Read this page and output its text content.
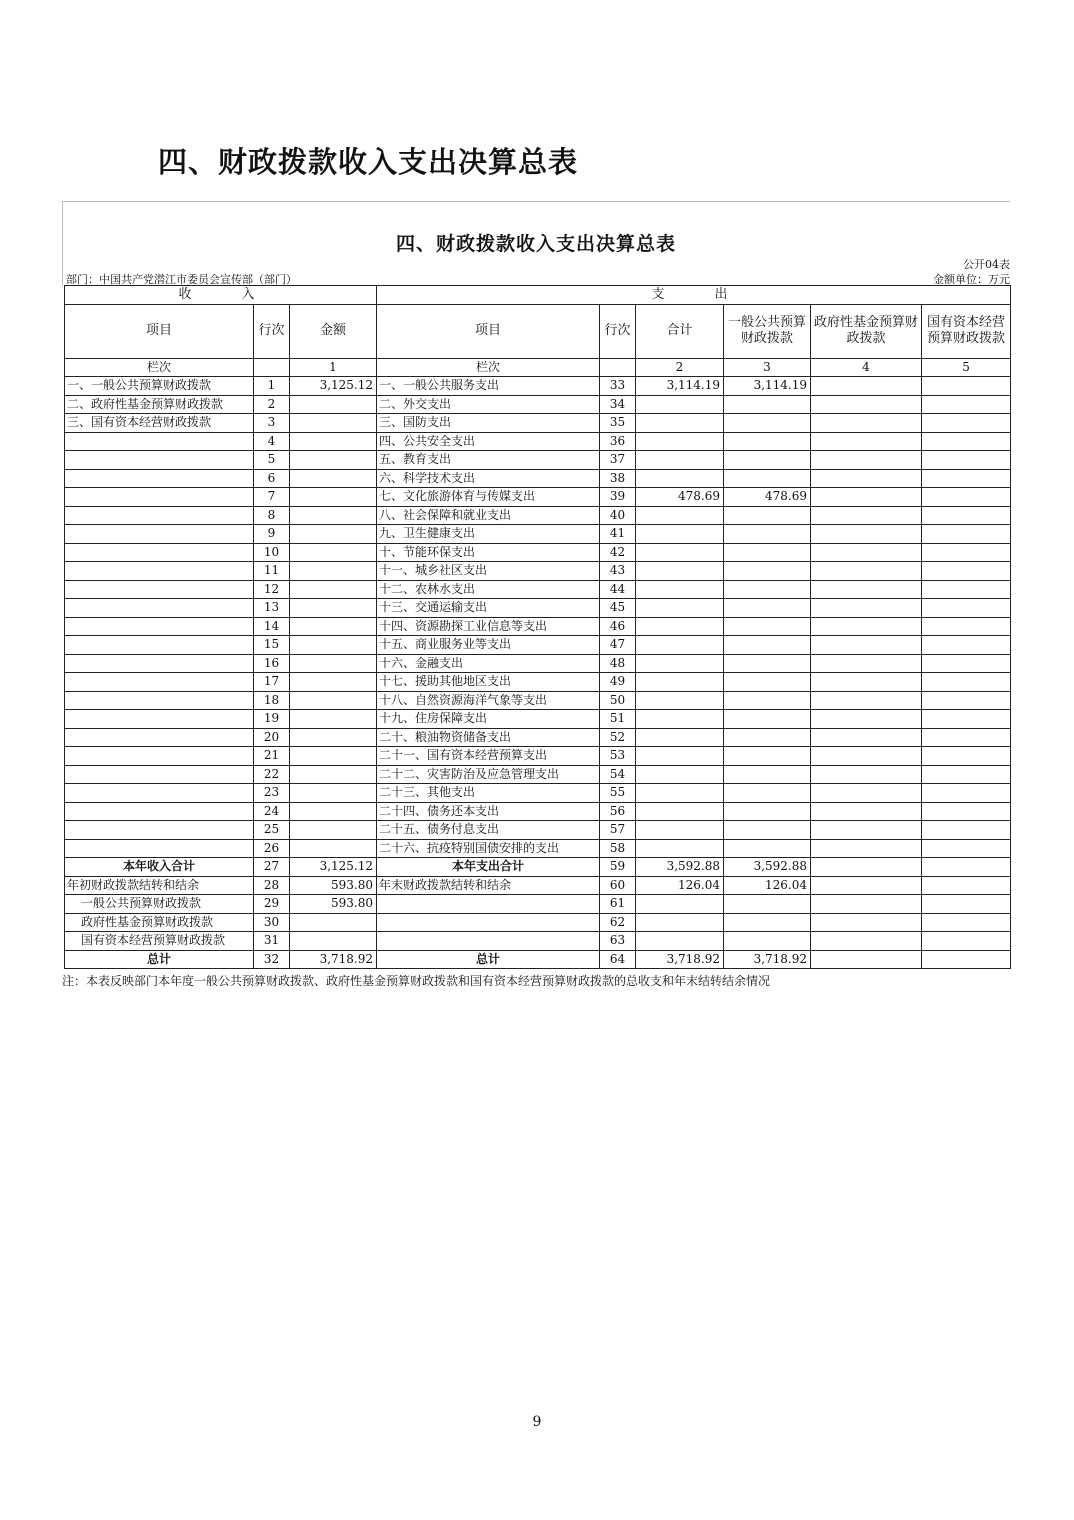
四、财政拨款收入支出决算总表
四、财政拨款收入支出决算总表
公开04表
部门：中国共产党潜江市委员会宣传部（部门）	金额单位：万元
收　　入			支　　出					
项目	行次	金额	项目	行次	合计	一般公共预算财政拨款	政府性基金预算财政拨款	国有资本经营预算财政拨款
栏次		1	栏次		2	3	4	5
一、一般公共预算财政拨款	1	3,125.12	一、一般公共服务支出	33	3,114.19	3,114.19		
二、政府性基金预算财政拨款	2		二、外交支出	34				
三、国有资本经营财政拨款	3		三、国防支出	35				
	4		四、公共安全支出	36				
	5		五、教育支出	37				
	6		六、科学技术支出	38				
	7		七、文化旅游体育与传媒支出	39	478.69	478.69		
	8		八、社会保障和就业支出	40				
	9		九、卫生健康支出	41				
	10		十、节能环保支出	42				
	11		十一、城乡社区支出	43				
	12		十二、农林水支出	44				
	13		十三、交通运输支出	45				
	14		十四、资源勘探工业信息等支出	46				
	15		十五、商业服务业等支出	47				
	16		十六、金融支出	48				
	17		十七、援助其他地区支出	49				
	18		十八、自然资源海洋气象等支出	50				
	19		十九、住房保障支出	51				
	20		二十、粮油物资储备支出	52				
	21		二十一、国有资本经营预算支出	53				
	22		二十二、灾害防治及应急管理支出	54				
	23		二十三、其他支出	55				
	24		二十四、债务还本支出	56				
	25		二十五、债务付息支出	57				
	26		二十六、抗疫特别国债安排的支出	58				
本年收入合计	27	3,125.12	本年支出合计	59	3,592.88	3,592.88		
年初财政拨款结转和结余	28	593.80	年末财政拨款结转和结余	60	126.04	126.04		
一般公共预算财政拨款	29	593.80		61				
政府性基金预算财政拨款	30			62				
国有资本经营预算财政拨款	31			63				
总计	32	3,718.92	总计	64	3,718.92	3,718.92		
注：本表反映部门本年度一般公共预算财政拨款、政府性基金预算财政拨款和国有资本经营预算财政拨款的总收支和年末结转结余情况
9
